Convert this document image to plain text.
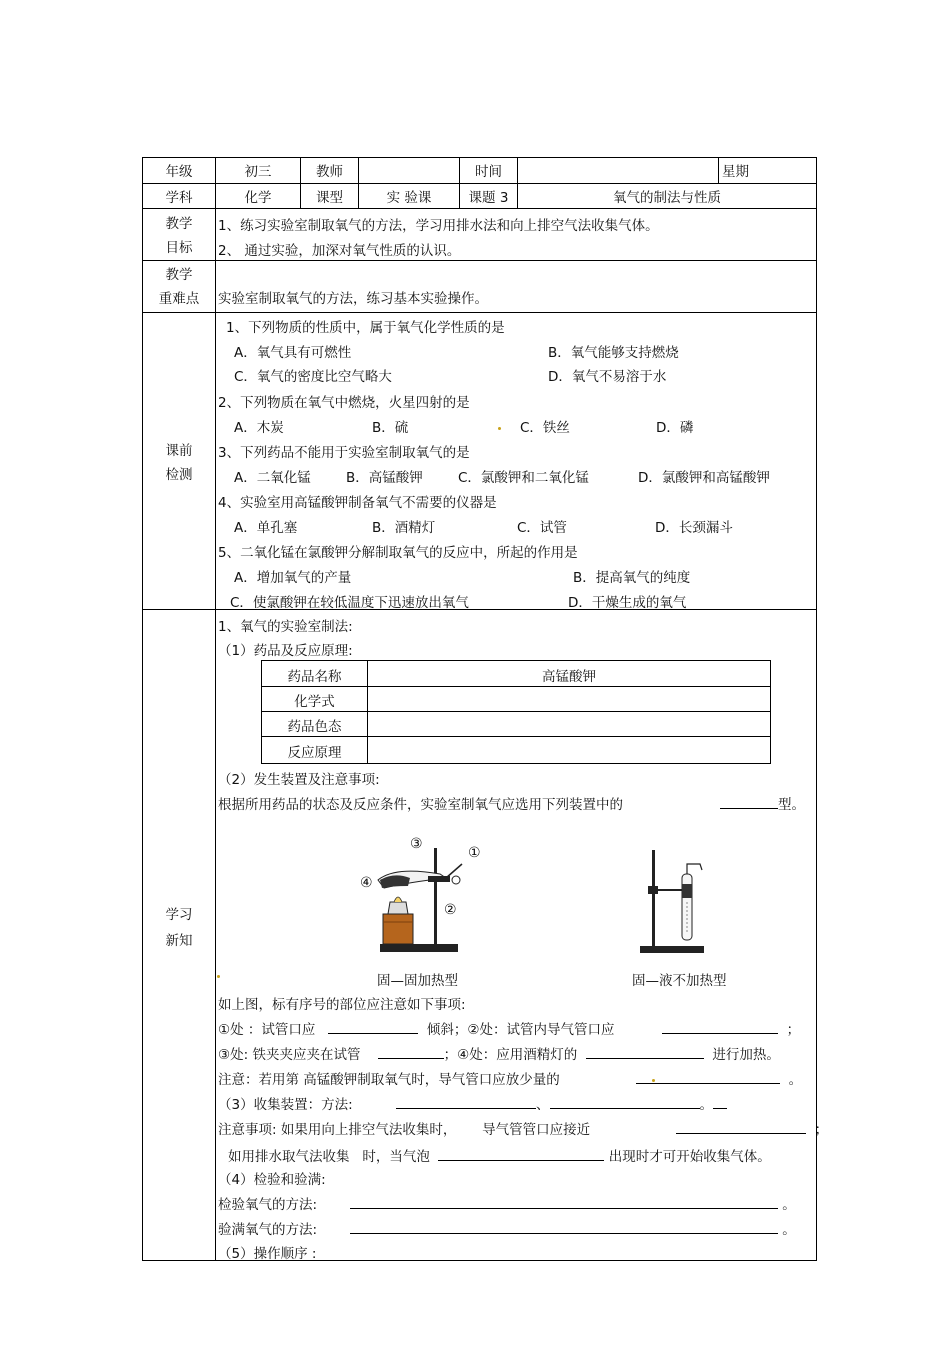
年级	初三	教师	时间	星期
学科	化学	课型	实 验课	课题 3	氧气的制法与性质
教学
目标
1、练习实验室制取氧气的方法，学习用排水法和向上排空气法收集气体。
2、 通过实验，加深对氧气性质的认识。
教学
重难点	实验室制取氧气的方法，练习基本实验操作。
课前
检测
1、下列物质的性质中，属于氧气化学性质的是
A．氧气具有可燃性	B．氧气能够支持燃烧
C．氧气的密度比空气略大	D．氧气不易溶于水
2、下列物质在氧气中燃烧，火星四射的是
A．木炭	B．硫	C．铁丝	D．磷
3、下列药品不能用于实验室制取氧气的是
A．二氧化锰	B．高锰酸钾	C．氯酸钾和二氧化锰	D．氯酸钾和高锰酸钾
4、实验室用高锰酸钾制备氧气不需要的仪器是
A．单孔塞	B．酒精灯	C．试管	D．长颈漏斗
5、二氧化锰在氯酸钾分解制取氧气的反应中，所起的作用是
A．增加氧气的产量	B．提高氧气的纯度
C．使氯酸钾在较低温度下迅速放出氧气	D．干燥生成的氧气
学习
新知
1、氧气的实验室制法:
（1）药品及反应原理:
药品名称	高锰酸钾
化学式
药品色态
反应原理
（2）发生装置及注意事项:
根据所用药品的状态及反应条件，实验室制氧气应选用下列装置中的	型。
③
①
④
②
固—固加热型	固—液不加热型
如上图，标有序号的部位应注意如下事项:
①处 ：试管口应	倾斜；②处：试管内导气管口应	；
③处: 铁夹夹应夹在试管	；④处：应用酒精灯的	进行加热。
注意：若用第 高锰酸钾制取氧气时，导气管口应放少量的	。
（3）收集装置：方法:	、	。
注意事项: 如果用向上排空气法收集时， 导气管管口应接近	；
如用排水取气法收集 时，当气泡	出现时才可开始收集气体。
（4）检验和验满:
检验氧气的方法:	。
验满氧气的方法:	。
（5）操作顺序 :
